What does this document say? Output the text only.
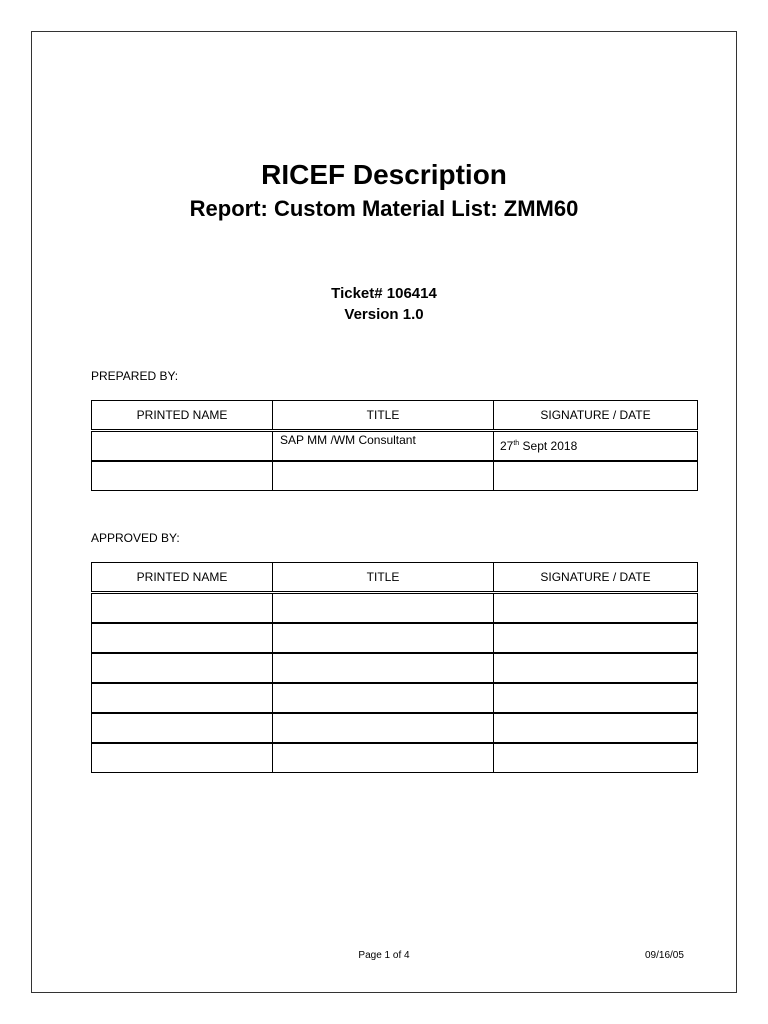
RICEF Description
Report: Custom Material List: ZMM60
Ticket# 106414
Version 1.0
PREPARED BY:
PRINTED NAME	TITLE	SIGNATURE / DATE
	SAP MM /WM Consultant	27th Sept 2018

APPROVED BY:
PRINTED NAME	TITLE	SIGNATURE / DATE

Page 1 of 4	09/16/05
